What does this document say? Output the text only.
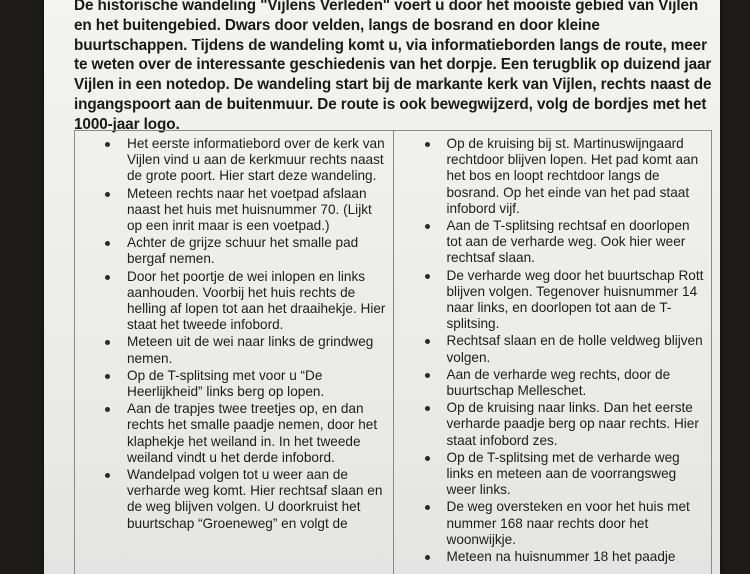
De historische wandeling "Vijlens Verleden" voert u door het mooiste gebied van Vijlen en het buitengebied. Dwars door velden, langs de bosrand en door kleine buurtschappen. Tijdens de wandeling komt u, via informatieborden langs de route, meer te weten over de interessante geschiedenis van het dorpje. Een terugblik op duizend jaar Vijlen in een notedop. De wandeling start bij de markante kerk van Vijlen, rechts naast de ingangspoort aan de buitenmuur. De route is ook bewegwijzerd, volg de bordjes met het 1000-jaar logo.

Het eerste informatiebord over de kerk van Vijlen vind u aan de kerkmuur rechts naast de grote poort. Hier start deze wandeling.
Meteen rechts naar het voetpad afslaan naast het huis met huisnummer 70. (Lijkt op een inrit maar is een voetpad.)
Achter de grijze schuur het smalle pad bergaf nemen.
Door het poortje de wei inlopen en links aanhouden. Voorbij het huis rechts de helling af lopen tot aan het draaihekje. Hier staat het tweede infobord.
Meteen uit de wei naar links de grindweg nemen.
Op de T-splitsing met voor u “De Heerlijkheid” links berg op lopen.
Aan de trapjes twee treetjes op, en dan rechts het smalle paadje nemen, door het klaphekje het weiland in. In het tweede weiland vindt u het derde infobord.
Wandelpad volgen tot u weer aan de verharde weg komt. Hier rechtsaf slaan en de weg blijven volgen. U doorkruist het buurtschap “Groeneweg” en volgt de
Op de kruising bij st. Martinuswijngaard rechtdoor blijven lopen. Het pad komt aan het bos en loopt rechtdoor langs de bosrand. Op het einde van het pad staat infobord vijf.
Aan de T-splitsing rechtsaf en doorlopen tot aan de verharde weg. Ook hier weer rechtsaf slaan.
De verharde weg door het buurtschap Rott blijven volgen. Tegenover huisnummer 14 naar links, en doorlopen tot aan de T-splitsing.
Rechtsaf slaan en de holle veldweg blijven volgen.
Aan de verharde weg rechts, door de buurtschap Melleschet.
Op de kruising naar links. Dan het eerste verharde paadje berg op naar rechts. Hier staat infobord zes.
Op de T-splitsing met de verharde weg links en meteen aan de voorrangsweg weer links.
De weg oversteken en voor het huis met nummer 168 naar rechts door het woonwijkje.
Meteen na huisnummer 18 het paadje
